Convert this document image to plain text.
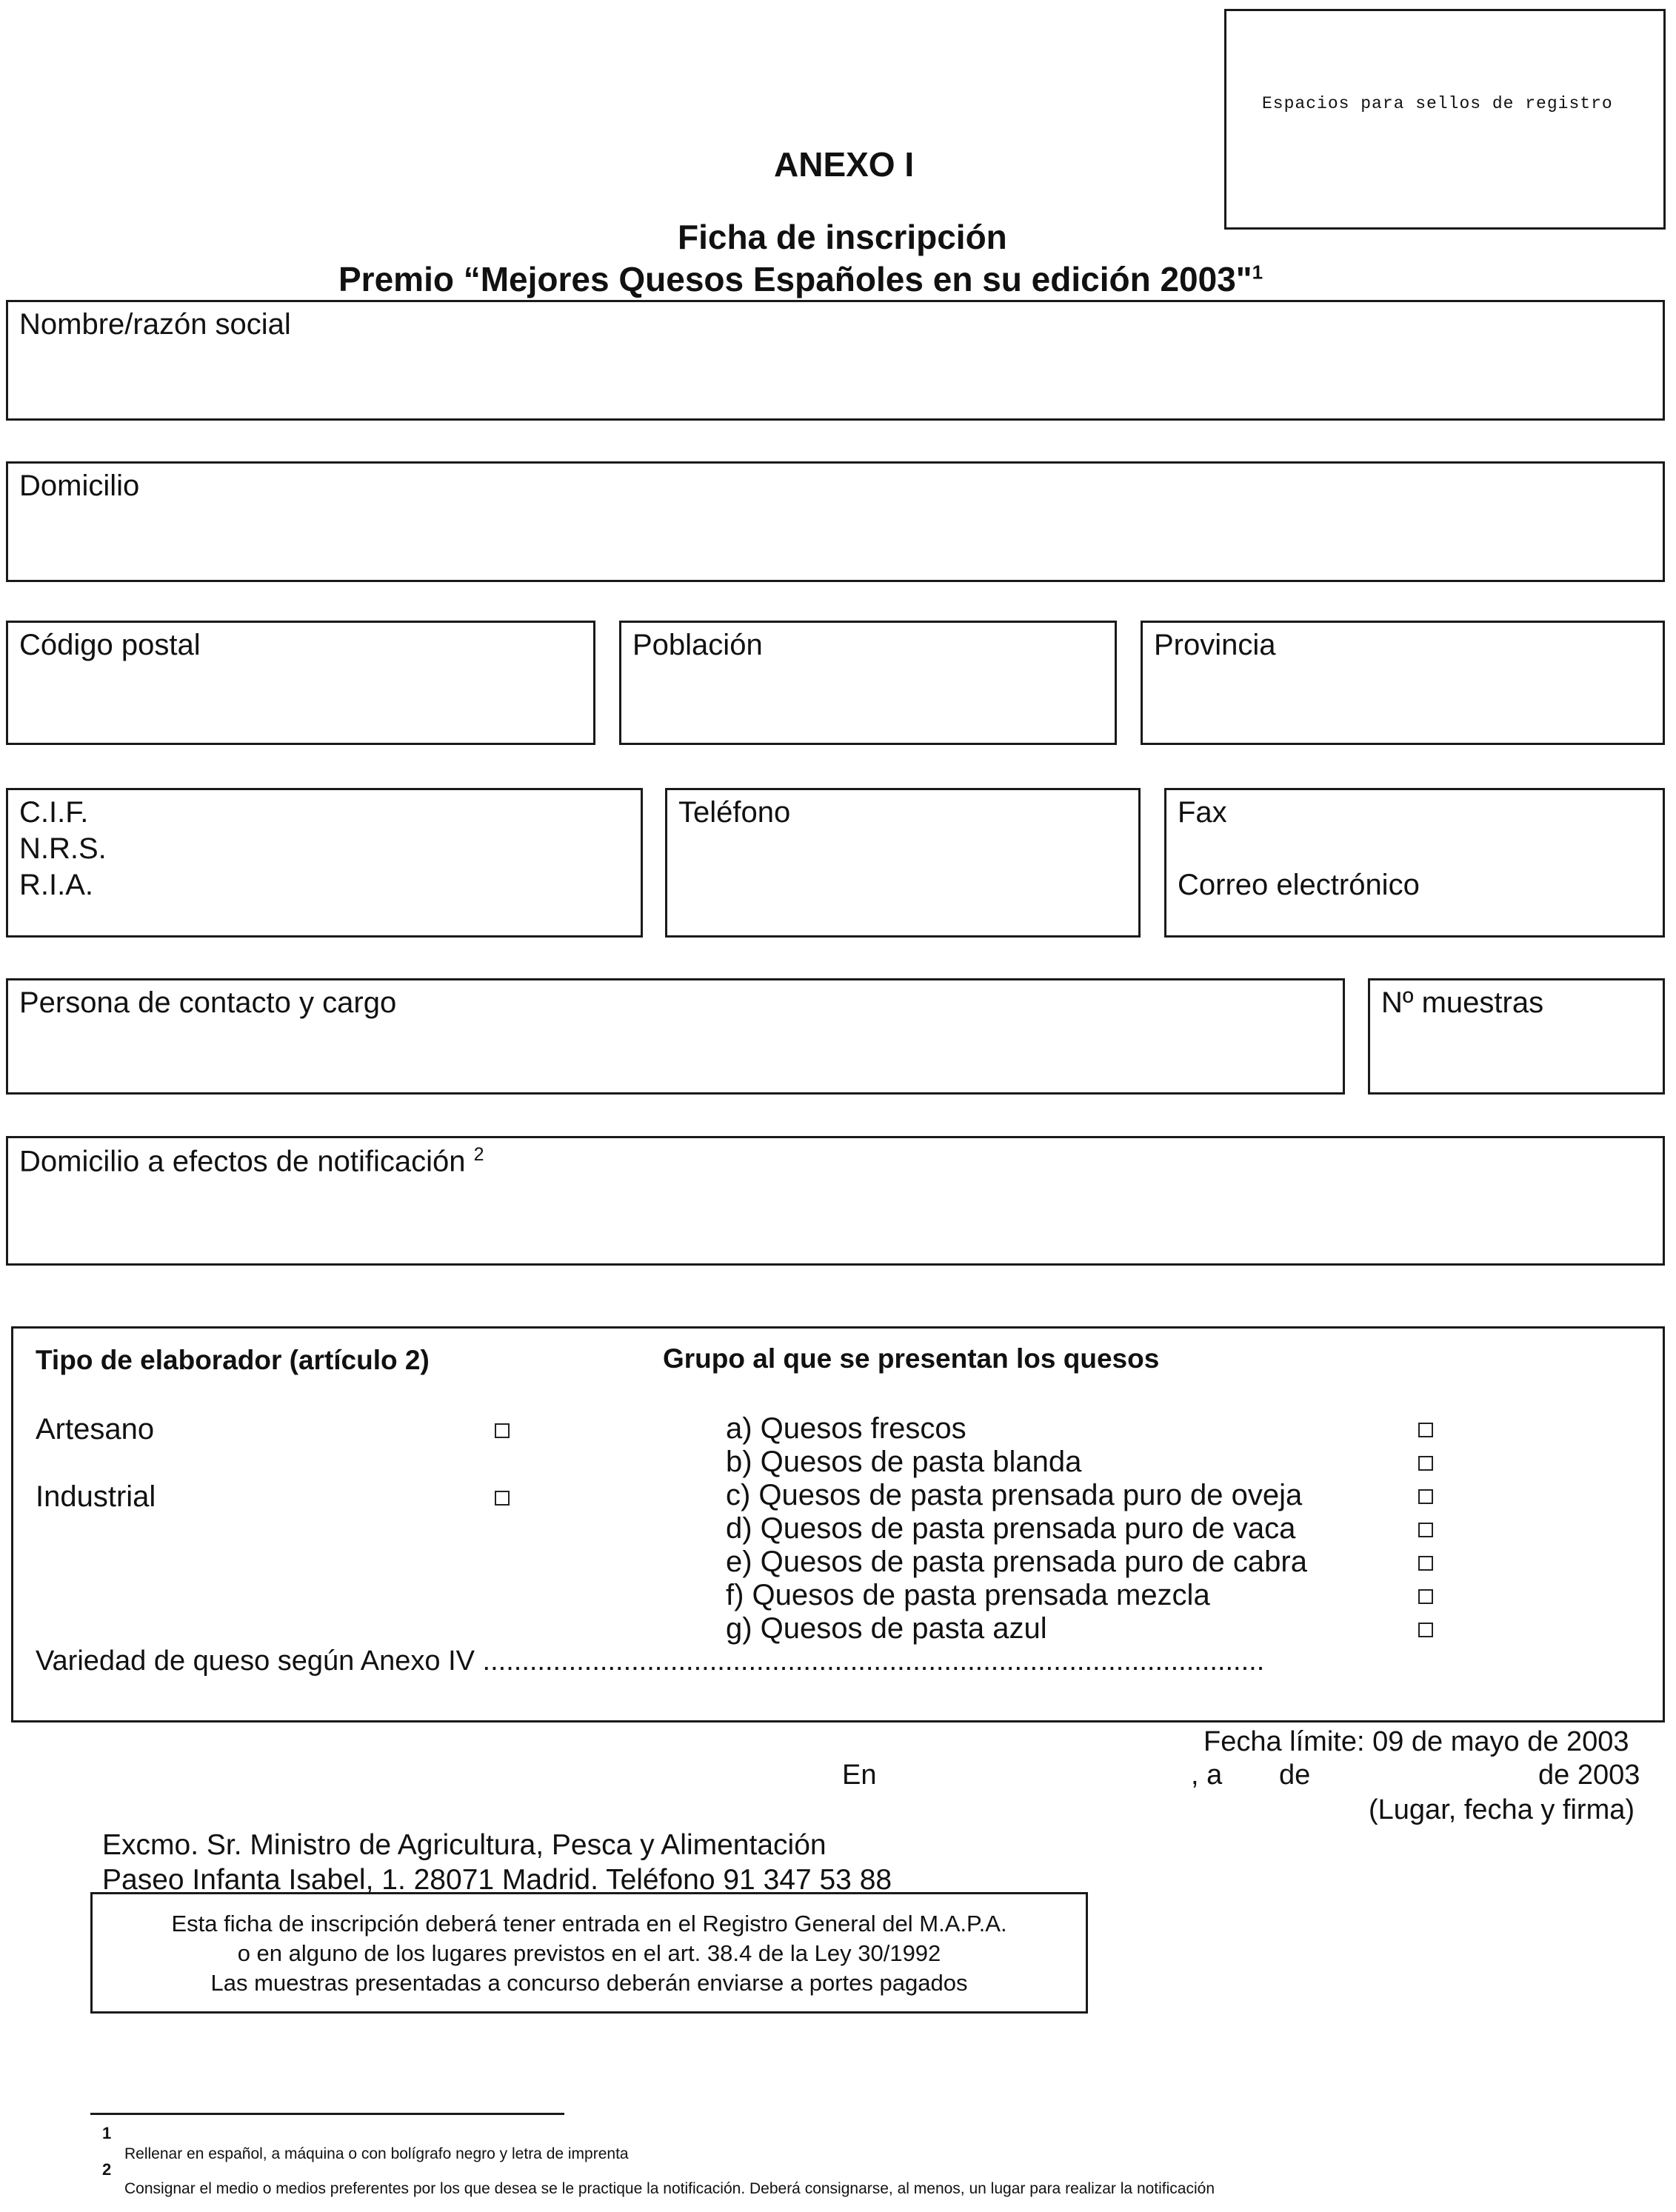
Espacios para sellos de registro
ANEXO I
Ficha de inscripción
Premio “Mejores Quesos Españoles en su edición 2003"$^1$
Nombre/razón social
Domicilio
Código postal	Población	Provincia
C.I.F.
N.R.S.
R.I.A.
Teléfono	Fax
Correo electrónico
Persona de contacto y cargo	Nº muestras
Domicilio a efectos de notificación $^2$
Tipo de elaborador (artículo 2)	Grupo al que se presentan los quesos
Artesano
Industrial
a) Quesos frescos
b) Quesos de pasta blanda
c) Quesos de pasta prensada puro de oveja
d) Quesos de pasta prensada puro de vaca
e) Quesos de pasta prensada puro de cabra
f) Quesos de pasta prensada mezcla
g) Quesos de pasta azul
Variedad de queso según Anexo IV ....................................................................................................
Fecha límite: 09 de mayo de 2003
En	, a de	de 2003
(Lugar, fecha y firma)
Excmo. Sr. Ministro de Agricultura, Pesca y Alimentación
Paseo Infanta Isabel, 1. 28071 Madrid. Teléfono 91 347 53 88
Esta ficha de inscripción deberá tener entrada en el Registro General del M.A.P.A.
o en alguno de los lugares previstos en el art. 38.4 de la Ley 30/1992
Las muestras presentadas a concurso deberán enviarse a portes pagados
1
Rellenar en español, a máquina o con bolígrafo negro y letra de imprenta
2
Consignar el medio o medios preferentes por los que desea se le practique la notificación. Deberá consignarse, al menos, un lugar para realizar la notificación
